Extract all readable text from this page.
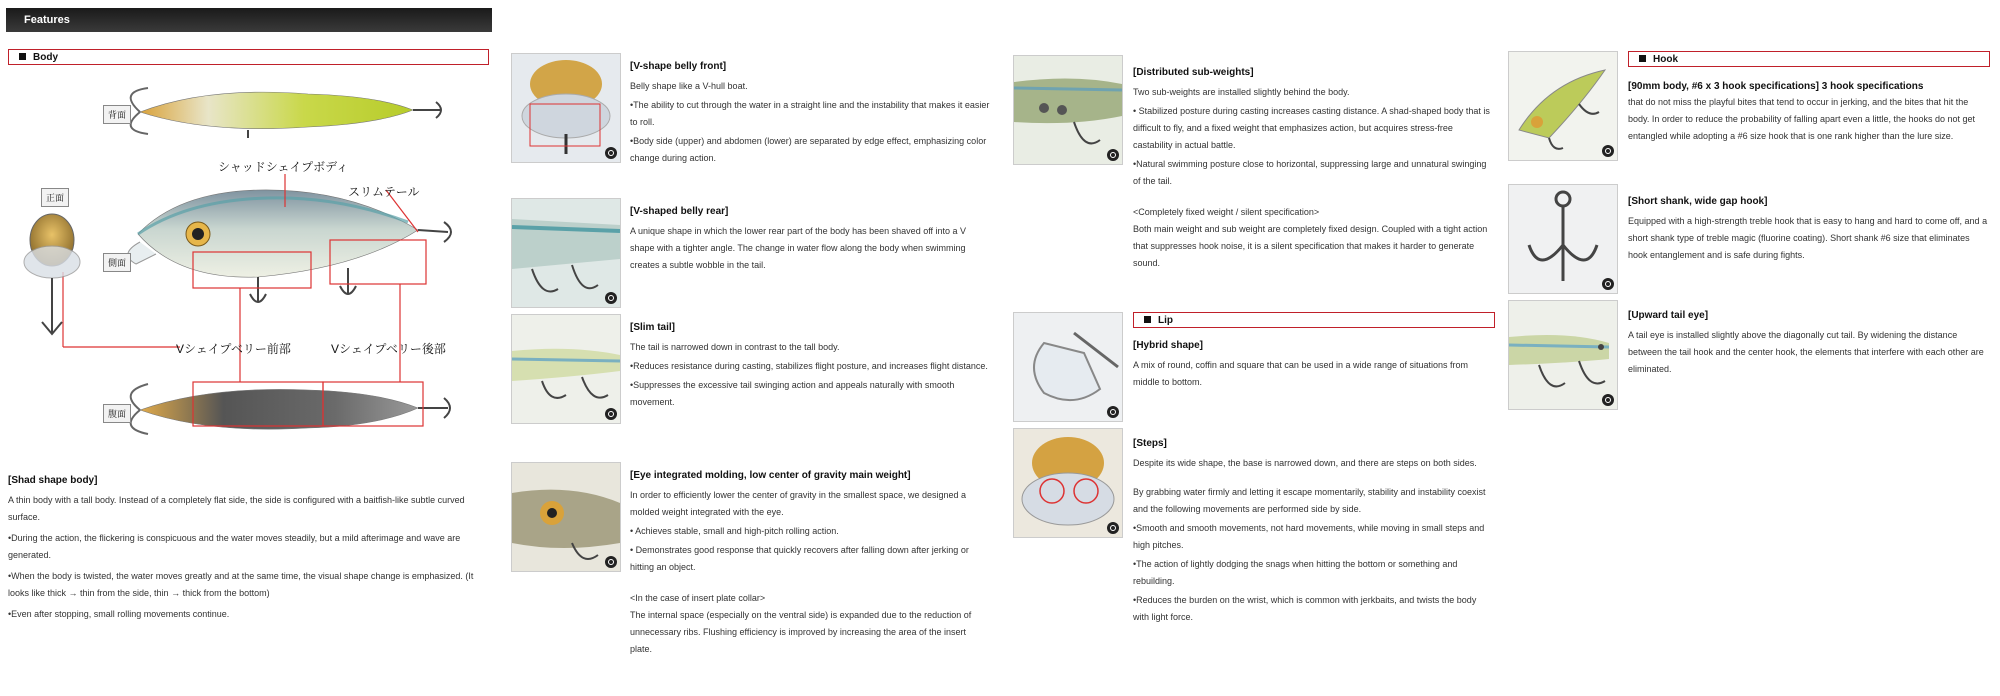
Features
Body
背面
正面
側面
腹面
シャッドシェイプボディ
スリムテール
Vシェイプベリー前部	Vシェイプベリー後部
[Shad shape body]
A thin body with a tall body. Instead of a completely flat side, the side is configured with a baitfish-like subtle curved surface.
•During the action, the flickering is conspicuous and the water moves steadily, but a mild afterimage and wave are generated.
•When the body is twisted, the water moves greatly and at the same time, the visual shape change is emphasized. (It looks like thick → thin from the side, thin → thick from the bottom)
•Even after stopping, small rolling movements continue.
[V-shape belly front]
Belly shape like a V-hull boat.
•The ability to cut through the water in a straight line and the instability that makes it easier to roll.
•Body side (upper) and abdomen (lower) are separated by edge effect, emphasizing color change during action.
[V-shaped belly rear]
A unique shape in which the lower rear part of the body has been shaved off into a V shape with a tighter angle. The change in water flow along the body when swimming creates a subtle wobble in the tail.
[Slim tail]
The tail is narrowed down in contrast to the tall body.
•Reduces resistance during casting, stabilizes flight posture, and increases flight distance.
•Suppresses the excessive tail swinging action and appeals naturally with smooth movement.
[Eye integrated molding, low center of gravity main weight]
In order to efficiently lower the center of gravity in the smallest space, we designed a molded weight integrated with the eye.
• Achieves stable, small and high-pitch rolling action.
• Demonstrates good response that quickly recovers after falling down after jerking or hitting an object.
<In the case of insert plate collar>
The internal space (especially on the ventral side) is expanded due to the reduction of unnecessary ribs. Flushing efficiency is improved by increasing the area of the insert plate.
[Distributed sub-weights]
Two sub-weights are installed slightly behind the body.
• Stabilized posture during casting increases casting distance. A shad-shaped body that is difficult to fly, and a fixed weight that emphasizes action, but acquires stress-free castability in actual battle.
•Natural swimming posture close to horizontal, suppressing large and unnatural swinging of the tail.
<Completely fixed weight / silent specification>
Both main weight and sub weight are completely fixed design. Coupled with a tight action that suppresses hook noise, it is a silent specification that makes it harder to generate sound.
Lip
[Hybrid shape]
A mix of round, coffin and square that can be used in a wide range of situations from middle to bottom.
[Steps]
Despite its wide shape, the base is narrowed down, and there are steps on both sides.
By grabbing water firmly and letting it escape momentarily, stability and instability coexist and the following movements are performed side by side.
•Smooth and smooth movements, not hard movements, while moving in small steps and high pitches.
•The action of lightly dodging the snags when hitting the bottom or something and rebuilding.
•Reduces the burden on the wrist, which is common with jerkbaits, and twists the body with light force.
Hook
[90mm body, #6 x 3 hook specifications] 3 hook specifications
that do not miss the playful bites that tend to occur in jerking, and the bites that hit the body. In order to reduce the probability of falling apart even a little, the hooks do not get entangled while adopting a #6 size hook that is one rank higher than the lure size.
[Short shank, wide gap hook]
Equipped with a high-strength treble hook that is easy to hang and hard to come off, and a short shank type of treble magic (fluorine coating). Short shank #6 size that eliminates hook entanglement and is safe during fights.
[Upward tail eye]
A tail eye is installed slightly above the diagonally cut tail. By widening the distance between the tail hook and the center hook, the elements that interfere with each other are eliminated.
